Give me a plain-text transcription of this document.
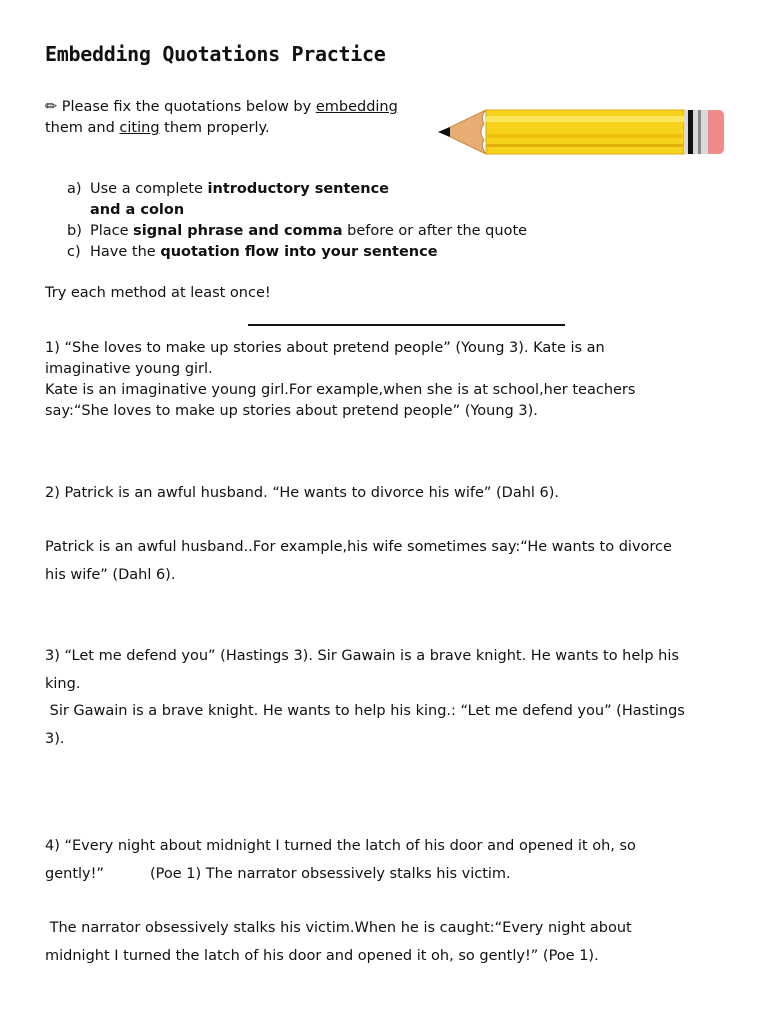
Embedding Quotations Practice
✏ Please fix the quotations below by embedding
them and citing them properly.
a) Use a complete introductory sentence
and a colon
b) Place signal phrase and comma before or after the quote
c) Have the quotation flow into your sentence
Try each method at least once!
1) “She loves to make up stories about pretend people” (Young 3). Kate is an
imaginative young girl.
Kate is an imaginative young girl.For example,when she is at school,her teachers
say:“She loves to make up stories about pretend people” (Young 3).
2) Patrick is an awful husband. “He wants to divorce his wife” (Dahl 6).
Patrick is an awful husband..For example,his wife sometimes say:“He wants to divorce
his wife” (Dahl 6).
3) “Let me defend you” (Hastings 3). Sir Gawain is a brave knight. He wants to help his
king.
Sir Gawain is a brave knight. He wants to help his king.: “Let me defend you” (Hastings
3).
4) “Every night about midnight I turned the latch of his door and opened it oh, so
gently!”          (Poe 1) The narrator obsessively stalks his victim.
The narrator obsessively stalks his victim.When he is caught:“Every night about
midnight I turned the latch of his door and opened it oh, so gently!” (Poe 1).
